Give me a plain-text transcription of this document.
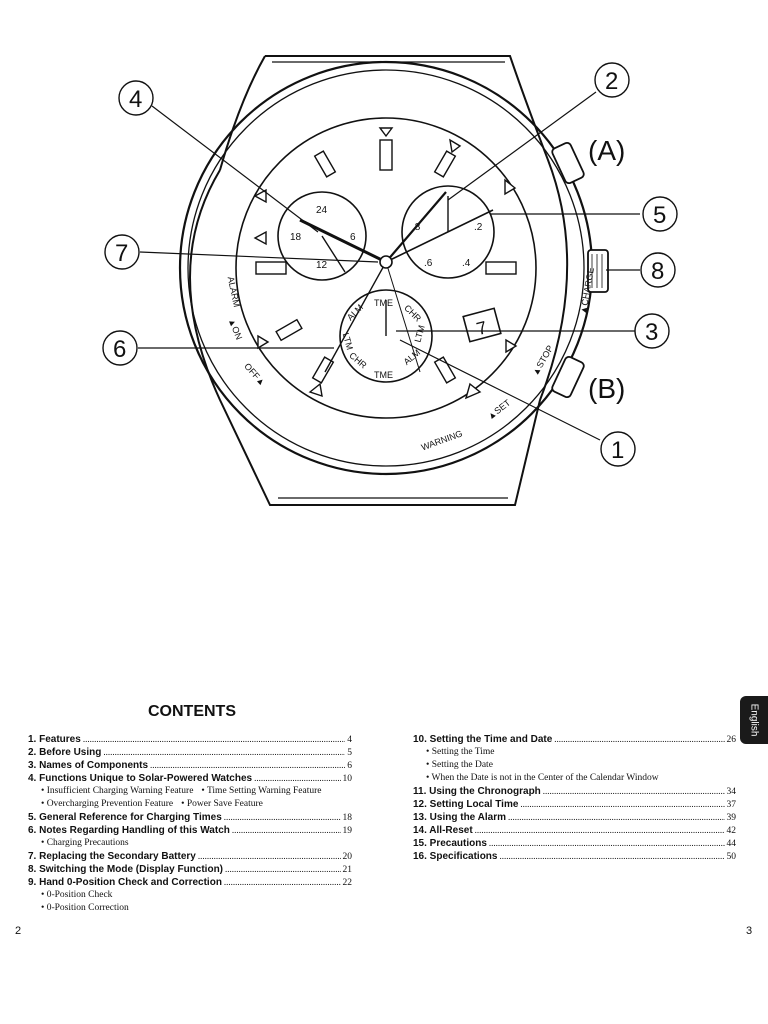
7
24
6
12
18
.8	.2
.6	.4
TME CHR
ALM
LTM
CHR
TME
ALM
LTM
ALARM
▲ON
OFF▲
WARNING
▲SET
▲STOP
▲CHARGE
4
2
(A)
5
7
8
3
6
(B)
1
CONTENTS
1. Features .....	4
2. Before Using .....	5
3. Names of Components .....	6
4. Functions Unique to Solar-Powered Watches .....	10
• Insufficient Charging Warning Feature • Time Setting Warning Feature
• Overcharging Prevention Feature • Power Save Feature
5. General Reference for Charging Times .....	18
6. Notes Regarding Handling of this Watch .....	19
• Charging Precautions
7. Replacing the Secondary Battery .....	20
8. Switching the Mode (Display Function) .....	21
9. Hand 0-Position Check and Correction .....	22
• 0-Position Check
• 0-Position Correction
10. Setting the Time and Date .....	26
• Setting the Time
• Setting the Date
• When the Date is not in the Center of the Calendar Window
11. Using the Chronograph .....	34
12. Setting Local Time .....	37
13. Using the Alarm .....	39
14. All-Reset .....	42
15. Precautions .....	44
16. Specifications .....	50
English
2	3
